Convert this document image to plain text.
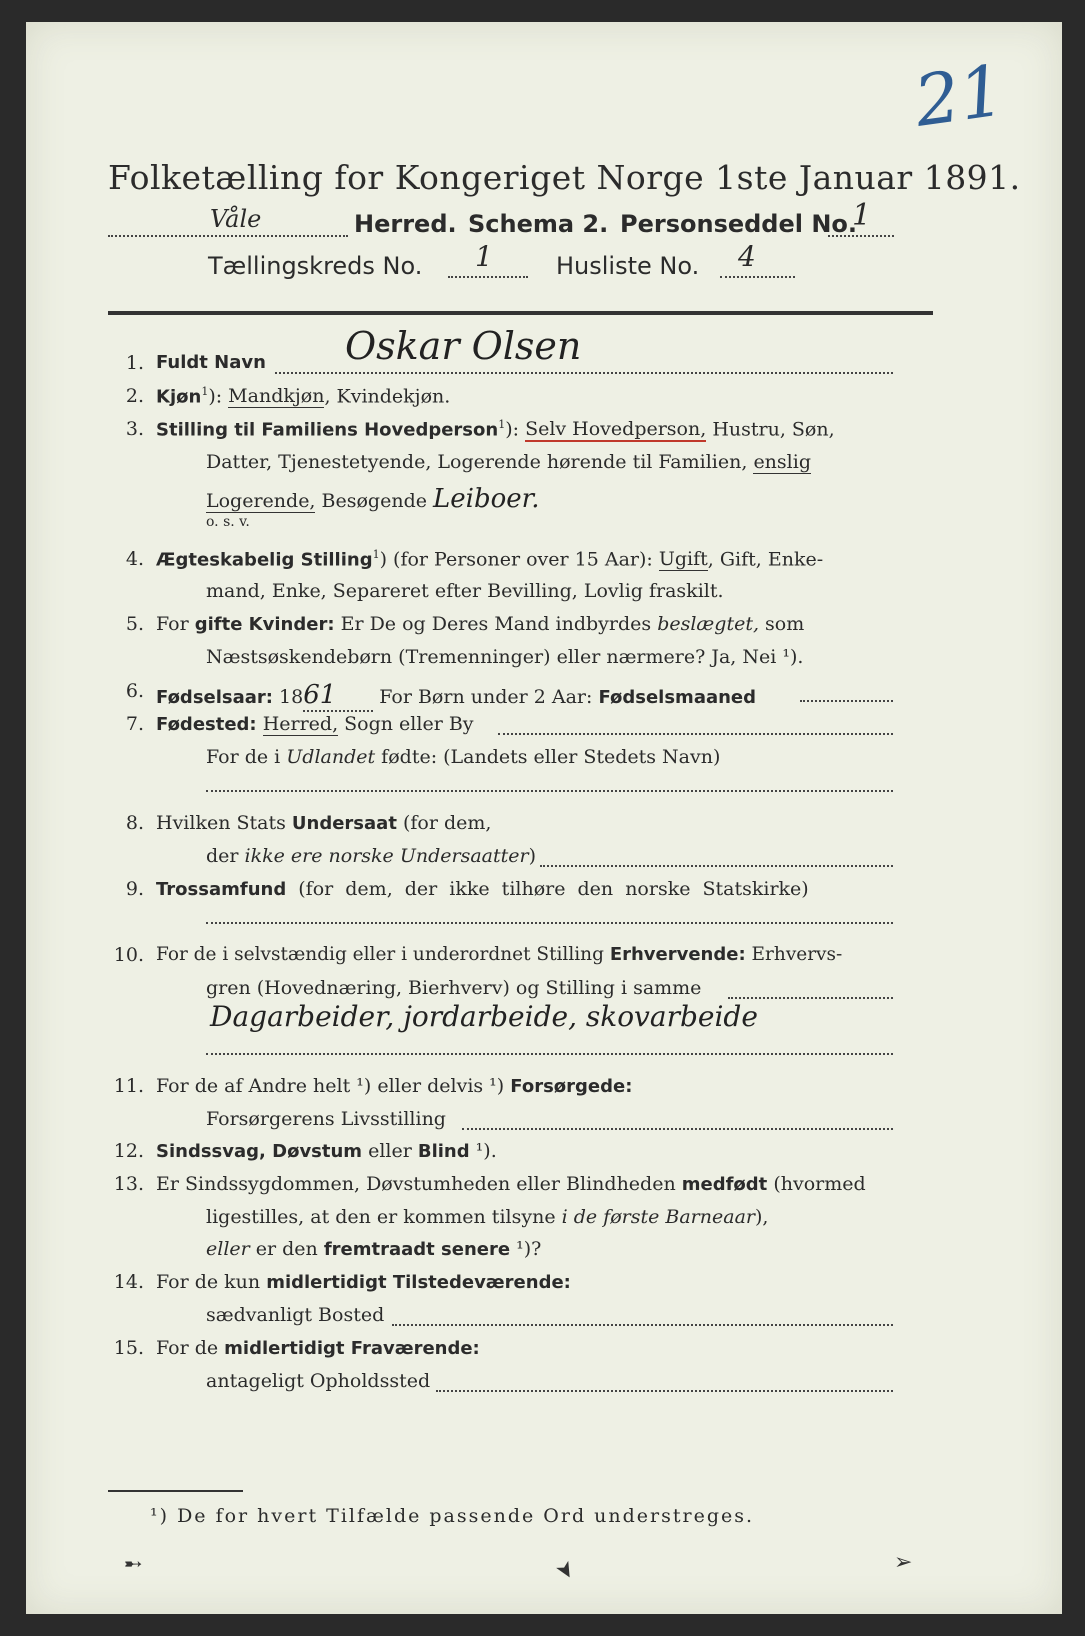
21
Folketælling for Kongeriget Norge 1ste Januar 1891.
Våle	Herred. Schema 2. Personseddel No.
1
Tællingskreds No. 1	Husliste No. 4
1. Fuldt Navn Oskar Olsen
2. Kjøn$^1$): Mandkjøn, Kvindekjøn.
3. Stilling til Familiens Hovedperson$^1$): Selv Hovedperson, Hustru, Søn,
Datter, Tjenestetyende, Logerende hørende til Familien, enslig
Logerende, Besøgende Leiboer.
o. s. v.
4. Ægteskabelig Stilling$^1$) (for Personer over 15 Aar): Ugift, Gift, Enke-
mand, Enke, Separeret efter Bevilling, Lovlig fraskilt.
5. For gifte Kvinder: Er De og Deres Mand indbyrdes beslægtet, som
Næstsøskendebørn (Tremenninger) eller nærmere? Ja, Nei ¹).
6. Fødselsaar: 1861 For Børn under 2 Aar: Fødselsmaaned
7. Fødested: Herred, Sogn eller By
For de i Udlandet fødte: (Landets eller Stedets Navn)
8. Hvilken Stats Undersaat (for dem,
der ikke ere norske Undersaatter)
9. Trossamfund (for dem, der ikke tilhøre den norske Statskirke)
10. For de i selvstændig eller i underordnet Stilling Erhvervende: Erhvervs-
gren (Hovednæring, Bierhverv) og Stilling i samme
Dagarbeider, jordarbeide, skovarbeide
11. For de af Andre helt ¹) eller delvis ¹) Forsørgede:
Forsørgerens Livsstilling
12. Sindssvag, Døvstum eller Blind ¹).
13. Er Sindssygdommen, Døvstumheden eller Blindheden medfødt (hvormed
ligestilles, at den er kommen tilsyne i de første Barneaar),
eller er den fremtraadt senere ¹)?
14. For de kun midlertidigt Tilstedeværende:
sædvanligt Bosted
15. For de midlertidigt Fraværende:
antageligt Opholdssted
¹) De for hvert Tilfælde passende Ord understreges.
➸	➤	➢
